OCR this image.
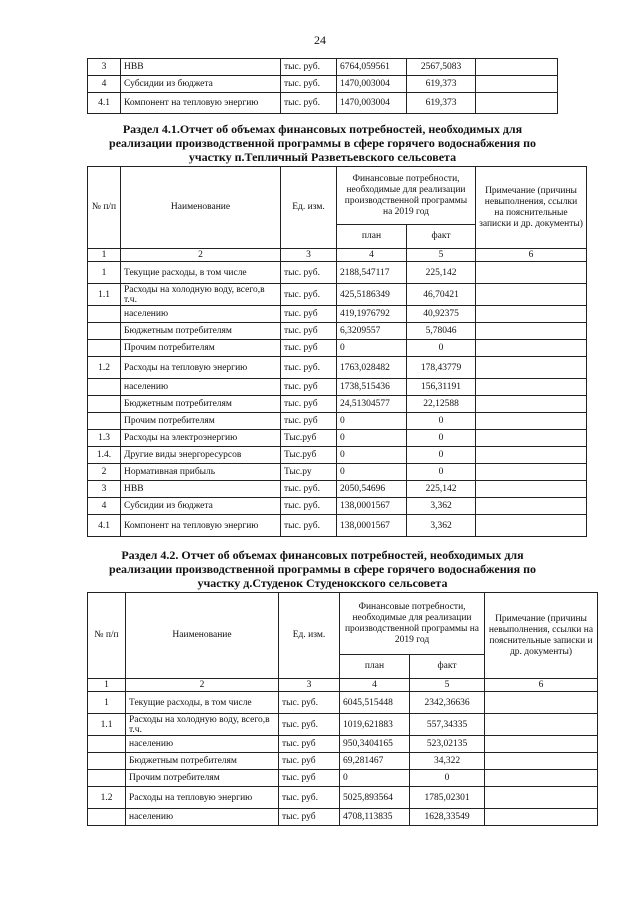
24
3	НВВ	тыс. руб.	6764,059561	2567,5083	
4	Субсидии из бюджета	тыс. руб.	1470,003004	619,373	
4.1	Компонент на тепловую энергию	тыс. руб.	1470,003004	619,373	
Раздел 4.1.Отчет об объемах финансовых потребностей, необходимых для реализации производственной программы в сфере горячего водоснабжения по участку п.Тепличный Разветьевского сельсовета
№ п/п	Наименование	Ед. изм.	Финансовые потребности, необходимые для реализации производственной программы на 2019 год		Примечание (причины невыполнения, ссылки на пояснительные записки и др. документы)
			план	факт	
1	2	3	4	5	6
1	Текущие расходы, в том числе	тыс. руб.	2188,547117	225,142	
1.1	Расходы на холодную воду, всего,в т.ч.	тыс. руб.	425,5186349	46,70421	
	населению	тыс. руб	419,1976792	40,92375	
	Бюджетным потребителям	тыс. руб	6,3209557	5,78046	
	Прочим потребителям	тыс. руб	0	0	
1.2	Расходы на тепловую энергию	тыс. руб.	1763,028482	178,43779	
	населению	тыс. руб	1738,515436	156,31191	
	Бюджетным потребителям	тыс. руб	24,51304577	22,12588	
	Прочим потребителям	тыс. руб	0	0	
1.3	Расходы на электроэнергию	Тыс.руб	0	0	
1.4.	Другие виды энергоресурсов	Тыс.руб	0	0	
2	Нормативная прибыль	Тыс.ру	0	0	
3	НВВ	тыс. руб.	2050,54696	225,142	
4	Субсидии из бюджета	тыс. руб.	138,0001567	3,362	
4.1	Компонент на тепловую энергию	тыс. руб.	138,0001567	3,362	
Раздел 4.2. Отчет об объемах финансовых потребностей, необходимых для реализации производственной программы в сфере горячего водоснабжения по участку д.Студенок Студенокского сельсовета
№ п/п	Наименование	Ед. изм.	Финансовые потребности, необходимые для реализации производственной программы на 2019 год		Примечание (причины невыполнения, ссылки на пояснительные записки и др. документы)
			план	факт	
1	2	3	4	5	6
1	Текущие расходы, в том числе	тыс. руб.	6045,515448	2342,36636	
1.1	Расходы на холодную воду, всего,в т.ч.	тыс. руб.	1019,621883	557,34335	
	населению	тыс. руб	950,3404165	523,02135	
	Бюджетным потребителям	тыс. руб	69,281467	34,322	
	Прочим потребителям	тыс. руб	0	0	
1.2	Расходы на тепловую энергию	тыс. руб.	5025,893564	1785,02301	
	населению	тыс. руб	4708,113835	1628,33549	
